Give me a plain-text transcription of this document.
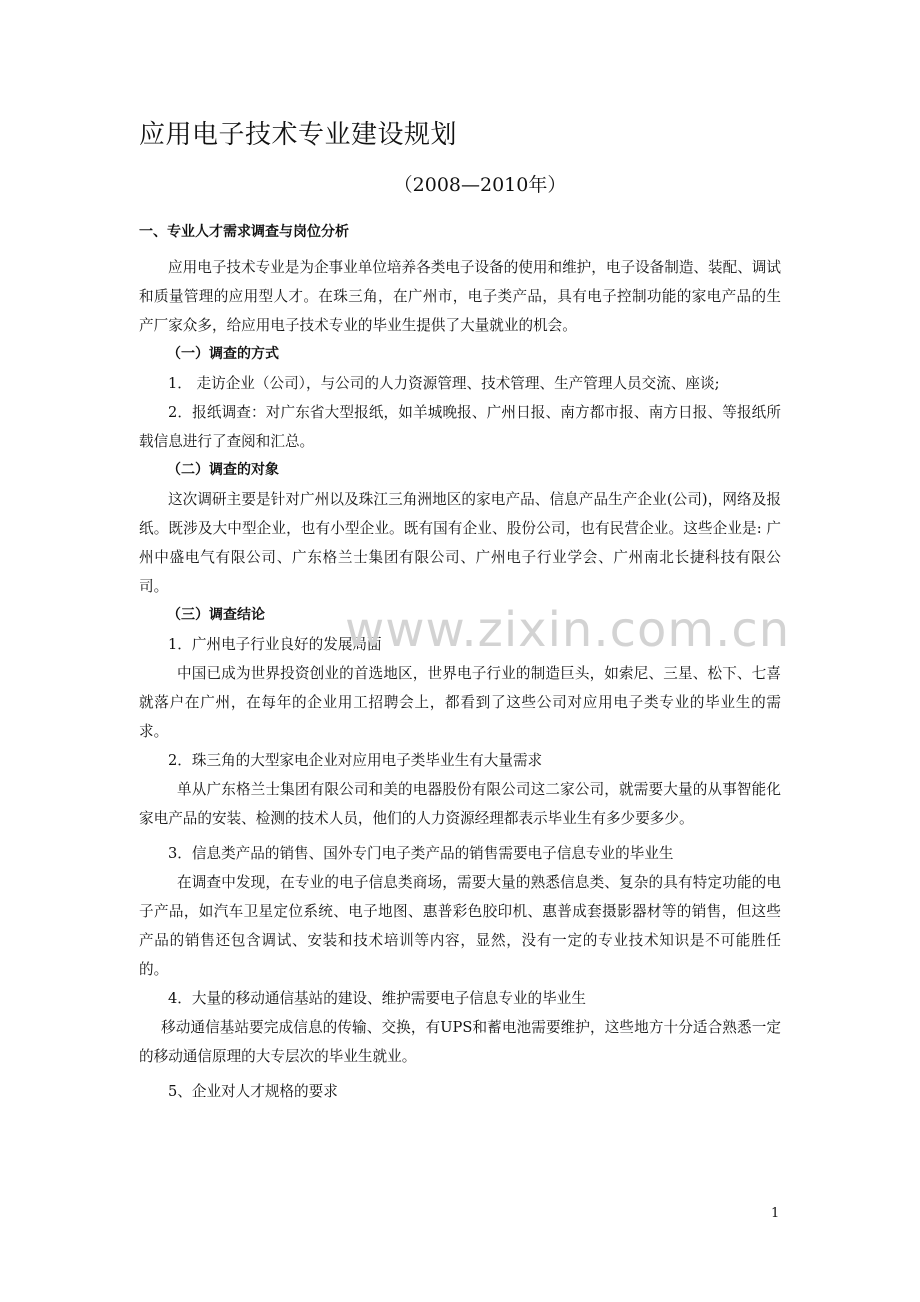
应用电子技术专业建设规划
（2008—2010年）

一、专业人才需求调查与岗位分析

应用电子技术专业是为企事业单位培养各类电子设备的使用和维护，电子设备制造、装配、调试和质量管理的应用型人才。在珠三角，在广州市，电子类产品，具有电子控制功能的家电产品的生产厂家众多，给应用电子技术专业的毕业生提供了大量就业的机会。

（一）调查的方式

1． 走访企业（公司），与公司的人力资源管理、技术管理、生产管理人员交流、座谈;

2．报纸调查：对广东省大型报纸，如羊城晚报、广州日报、南方都市报、南方日报、等报纸所载信息进行了查阅和汇总。

（二）调查的对象

这次调研主要是针对广州以及珠江三角洲地区的家电产品、信息产品生产企业(公司)，网络及报纸。既涉及大中型企业，也有小型企业。既有国有企业、股份公司，也有民营企业。这些企业是: 广州中盛电气有限公司、广东格兰士集团有限公司、广州电子行业学会、广州南北长捷科技有限公司。

（三）调查结论

1．广州电子行业良好的发展局面

中国已成为世界投资创业的首选地区，世界电子行业的制造巨头，如索尼、三星、松下、七喜就落户在广州，在每年的企业用工招聘会上，都看到了这些公司对应用电子类专业的毕业生的需求。

2．珠三角的大型家电企业对应用电子类毕业生有大量需求

单从广东格兰士集团有限公司和美的电器股份有限公司这二家公司，就需要大量的从事智能化家电产品的安装、检测的技术人员，他们的人力资源经理都表示毕业生有多少要多少。

3．信息类产品的销售、国外专门电子类产品的销售需要电子信息专业的毕业生

在调查中发现，在专业的电子信息类商场，需要大量的熟悉信息类、复杂的具有特定功能的电子产品，如汽车卫星定位系统、电子地图、惠普彩色胶印机、惠普成套摄影器材等的销售，但这些产品的销售还包含调试、安装和技术培训等内容，显然，没有一定的专业技术知识是不可能胜任的。

4．大量的移动通信基站的建设、维护需要电子信息专业的毕业生

移动通信基站要完成信息的传输、交换，有UPS和蓄电池需要维护，这些地方十分适合熟悉一定的移动通信原理的大专层次的毕业生就业。

5、企业对人才规格的要求

www.zixin.com.cn
1
